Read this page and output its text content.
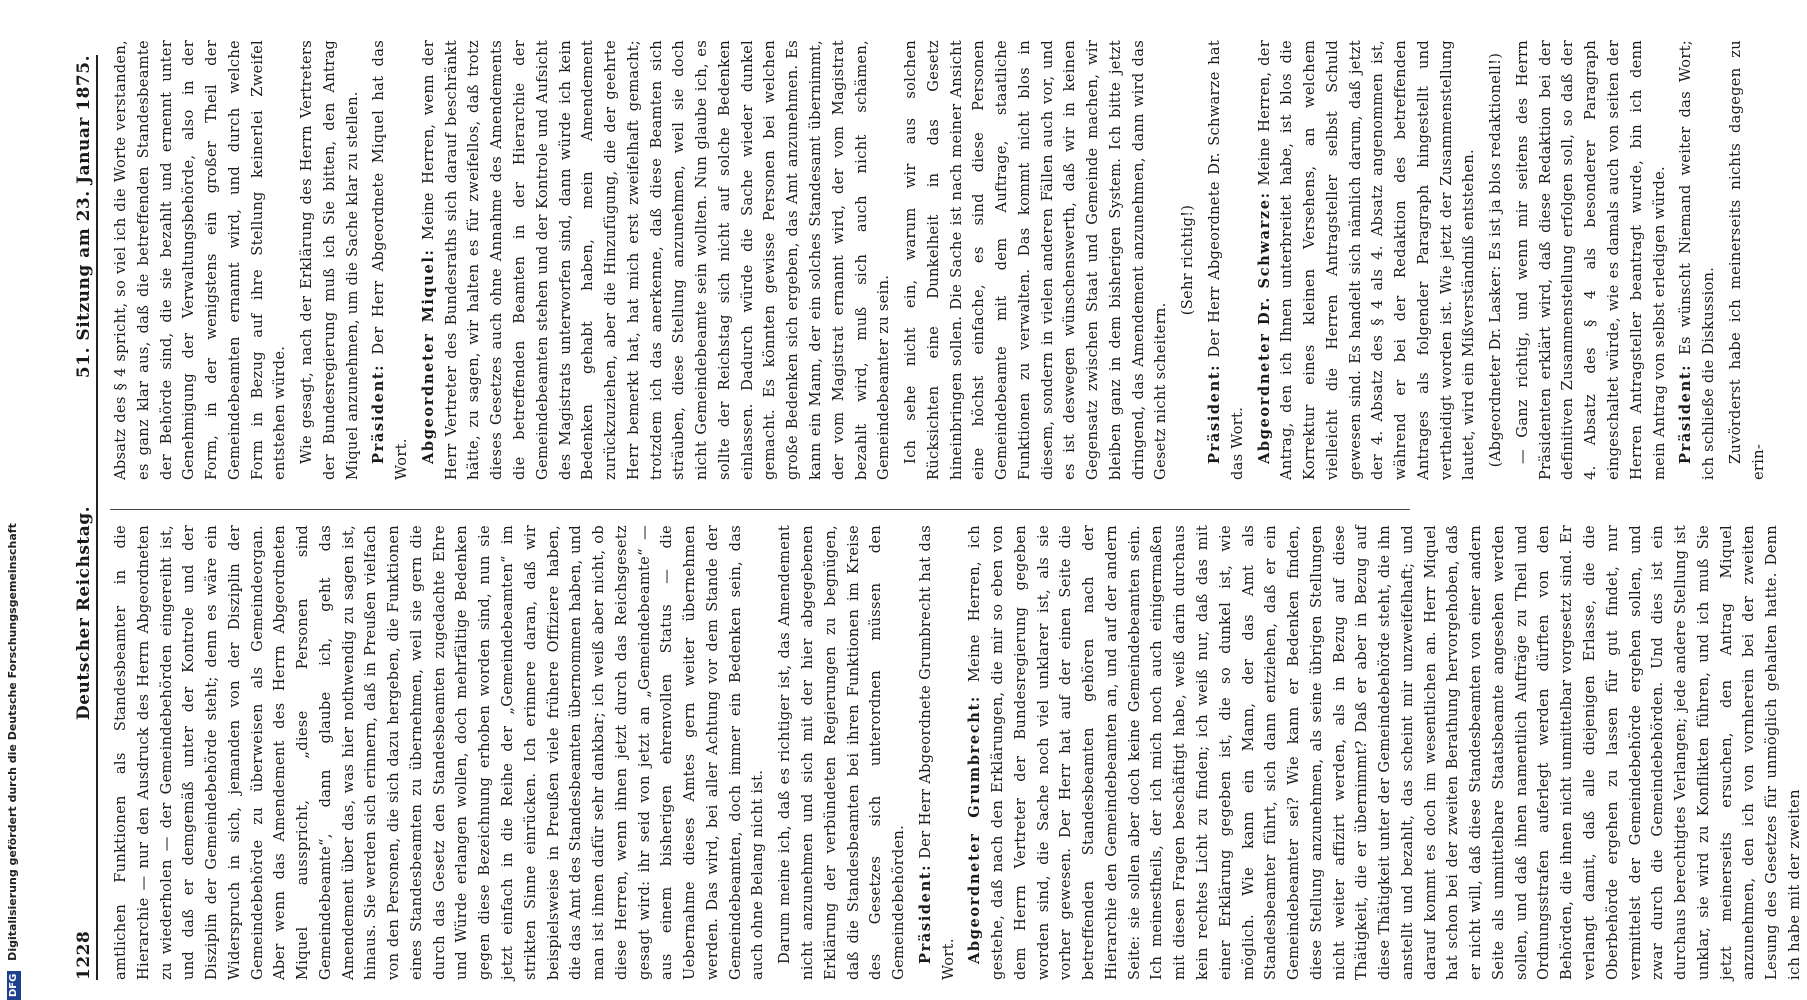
1228
Deutscher Reichstag.
51. Sitzung am 23. Januar 1875.

amtlichen Funktionen als Standesbeamter in die Hierarchie — nur den Ausdruck des Herrn Abgeordneten zu wiederholen — der Gemeindebehörden eingereiht ist, und daß er demgemäß unter der Kontrole und der Disziplin der Gemeindebehörde steht; denn es wäre ein Widerspruch in sich, jemanden von der Disziplin der Gemeindebehörde zu überweisen als Gemeindeorgan. Aber wenn das Amendement des Herrn Abgeordneten Miquel ausspricht, „diese Personen sind Gemeindebeamte“, dann glaube ich, geht das Amendement über das, was hier nothwendig zu sagen ist, hinaus. Sie werden sich erinnern, daß in Preußen vielfach von den Personen, die sich dazu hergeben, die Funktionen eines Standesbeamten zu übernehmen, weil sie gern die durch das Gesetz den Standesbeamten zugedachte Ehre und Würde erlangen wollen, doch mehrfältige Bedenken gegen diese Bezeichnung erhoben worden sind, nun sie jetzt einfach in die Reihe der „Gemeindebeamten“ im strikten Sinne einrücken. Ich erinnere daran, daß wir beispielsweise in Preußen viele frühere Offiziere haben, die das Amt des Standesbeamten übernommen haben, und man ist ihnen dafür sehr dankbar; ich weiß aber nicht, ob diese Herren, wenn ihnen jetzt durch das Reichsgesetz gesagt wird: ihr seid von jetzt an „Gemeindebeamte“ — aus einem bisherigen ehrenvollen Status — die Uebernahme dieses Amtes gern weiter übernehmen werden. Das wird, bei aller Achtung vor dem Stande der Gemeindebeamten, doch immer ein Bedenken sein, das auch ohne Belang nicht ist. Darum meine ich, daß es richtiger ist, das Amendement nicht anzunehmen und sich mit der hier abgegebenen Erklärung der verbündeten Regierungen zu begnügen, daß die Standesbeamten bei ihren Funktionen im Kreise des Gesetzes sich unterordnen müssen den Gemeindebehörden. Präsident: Der Herr Abgeordnete Grumbrecht hat das Wort. Abgeordneter Grumbrecht: Meine Herren, ich gestehe, daß nach den Erklärungen, die mir so eben von dem Herrn Vertreter der Bundesregierung gegeben worden sind, die Sache noch viel unklarer ist, als sie vorher gewesen. Der Herr hat auf der einen Seite die betreffenden Standesbeamten gehören nach der Hierarchie den Gemeindebeamten an, und auf der andern Seite: sie sollen aber doch keine Gemeindebeamten sein. Ich meinestheils, der ich mich noch auch einigermaßen mit diesen Fragen beschäftigt habe, weiß darin durchaus kein rechtes Licht zu finden; ich weiß nur, daß das mit einer Erklärung gegeben ist, die so dunkel ist, wie möglich. Wie kann ein Mann, der das Amt als Standesbeamter führt, sich dann entziehen, daß er ein Gemeindebeamter sei? Wie kann er Bedenken finden, diese Stellung anzunehmen, als seine übrigen Stellungen nicht weiter affizirt werden, als in Bezug auf diese Thätigkeit, die er übernimmt? Daß er aber in Bezug auf diese Thätigkeit unter der Gemeindebehörde steht, die ihn anstellt und bezahlt, das scheint mir unzweifelhaft; und darauf kommt es doch im wesentlichen an. Herr Miquel hat schon bei der zweiten Berathung hervorgehoben, daß er nicht will, daß diese Standesbeamten von einer andern Seite als unmittelbare Staatsbeamte angesehen werden sollen, und daß ihnen namentlich Aufträge zu Theil und Ordnungsstrafen auferlegt werden dürften von den Behörden, die ihnen nicht unmittelbar vorgesetzt sind. Er verlangt damit, daß alle diejenigen Erlasse, die die Oberbehörde ergehen zu lassen für gut findet, nur vermittelst der Gemeindebehörde ergehen sollen, und zwar durch die Gemeindebehörden. Und dies ist ein durchaus berechtigtes Verlangen; jede andere Stellung ist unklar, sie wird zu Konflikten führen, und ich muß Sie jetzt meinerseits ersuchen, den Antrag Miquel anzunehmen, den ich von vornherein bei der zweiten Lesung des Gesetzes für unmöglich gehalten hatte. Denn ich habe mit der zweiten

Absatz des § 4 spricht, so viel ich die Worte verstanden, es ganz klar aus, daß die betreffenden Standesbeamte der Behörde sind, die sie bezahlt und ernennt unter Genehmigung der Verwaltungsbehörde, also in der Form, in der wenigstens ein großer Theil der Gemeindebeamten ernannt wird, und durch welche Form in Bezug auf ihre Stellung keinerlei Zweifel entstehen würde. Wie gesagt, nach der Erklärung des Herrn Vertreters der Bundesregierung muß ich Sie bitten, den Antrag Miquel anzunehmen, um die Sache klar zu stellen. Präsident: Der Herr Abgeordnete Miquel hat das Wort. Abgeordneter Miquel: Meine Herren, wenn der Herr Vertreter des Bundesraths sich darauf beschränkt hätte, zu sagen, wir halten es für zweifellos, daß trotz dieses Gesetzes auch ohne Annahme des Amendements die betreffenden Beamten in der Hierarchie der Gemeindebeamten stehen und der Kontrole und Aufsicht des Magistrats unterworfen sind, dann würde ich kein Bedenken gehabt haben, mein Amendement zurückzuziehen, aber die Hinzufügung, die der geehrte Herr bemerkt hat, hat mich erst zweifelhaft gemacht; trotzdem ich das anerkenne, daß diese Beamten sich sträuben, diese Stellung anzunehmen, weil sie doch nicht Gemeindebeamte sein wollten. Nun glaube ich, es sollte der Reichstag sich nicht auf solche Bedenken einlassen. Dadurch würde die Sache wieder dunkel gemacht. Es könnten gewisse Personen bei welchen große Bedenken sich ergeben, das Amt anzunehmen. Es kann ein Mann, der ein solches Standesamt übernimmt, der vom Magistrat ernannt wird, der vom Magistrat bezahlt wird, muß sich auch nicht schämen, Gemeindebeamter zu sein. Ich sehe nicht ein, warum wir aus solchen Rücksichten eine Dunkelheit in das Gesetz hineinbringen sollen. Die Sache ist nach meiner Ansicht eine höchst einfache, es sind diese Personen Gemeindebeamte mit dem Auftrage, staatliche Funktionen zu verwalten. Das kommt nicht blos in diesem, sondern in vielen anderen Fällen auch vor, und es ist deswegen wünschenswerth, daß wir in keinen Gegensatz zwischen Staat und Gemeinde machen, wir bleiben ganz in dem bisherigen System. Ich bitte jetzt dringend, das Amendement anzunehmen, dann wird das Gesetz nicht scheitern.

(Sehr richtig!)

Präsident: Der Herr Abgeordnete Dr. Schwarze hat das Wort. Abgeordneter Dr. Schwarze: Meine Herren, der Antrag, den ich Ihnen unterbreitet habe, ist blos die Korrektur eines kleinen Versehens, an welchem vielleicht die Herren Antragsteller selbst Schuld gewesen sind. Es handelt sich nämlich darum, daß jetzt der 4. Absatz des § 4 als 4. Absatz angenommen ist, während er bei der Redaktion des betreffenden Antrages als folgender Paragraph hingestellt und vertheidigt worden ist. Wie jetzt der Zusammenstellung lautet, wird ein Mißverständniß entstehen. (Abgeordneter Dr. Lasker: Es ist ja blos redaktionell!) — Ganz richtig, und wenn mir seitens des Herrn Präsidenten erklärt wird, daß diese Redaktion bei der definitiven Zusammenstellung erfolgen soll, so daß der 4. Absatz des § 4 als besonderer Paragraph eingeschaltet würde, wie es damals auch von seiten der Herren Antragsteller beantragt wurde, bin ich denn mein Antrag von selbst erledigen würde. Präsident: Es wünscht Niemand weiter das Wort; ich schließe die Diskussion. Zuvörderst habe ich meinerseits nichts dagegen zu erin-

DFG Digitalisierung gefördert durch die Deutsche Forschungsgemeinschaft
